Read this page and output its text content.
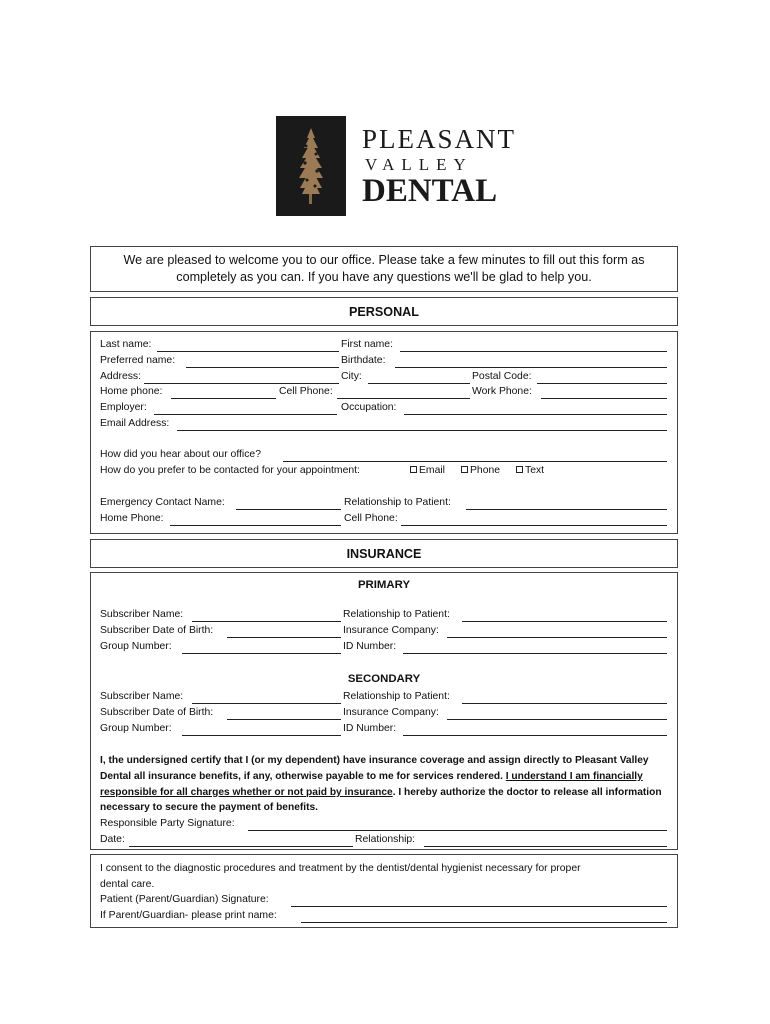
PLEASANT
VALLEY
DENTAL
We are pleased to welcome you to our office. Please take a few minutes to fill out this form as
completely as you can. If you have any questions we'll be glad to help you.
PERSONAL
Last name:	First name:
Preferred name:	Birthdate:
Address:	City:	Postal Code:
Home phone:	Cell Phone:	Work Phone:
Employer:	Occupation:
Email Address:
How did you hear about our office?
How do you prefer to be contacted for your appointment:	Email	Phone	Text
Emergency Contact Name:	Relationship to Patient:
Home Phone:	Cell Phone:
INSURANCE
PRIMARY
Subscriber Name:	Relationship to Patient:
Subscriber Date of Birth:	Insurance Company:
Group Number:	ID Number:
SECONDARY
Subscriber Name:	Relationship to Patient:
Subscriber Date of Birth:	Insurance Company:
Group Number:	ID Number:
I, the undersigned certify that I (or my dependent) have insurance coverage and assign directly to Pleasant Valley Dental all insurance benefits, if any, otherwise payable to me for services rendered. I understand I am financially responsible for all charges whether or not paid by insurance. I hereby authorize the doctor to release all information necessary to secure the payment of benefits.
Responsible Party Signature:
Date:	Relationship:
I consent to the diagnostic procedures and treatment by the dentist/dental hygienist necessary for proper
dental care.
Patient (Parent/Guardian) Signature:
If Parent/Guardian- please print name:
